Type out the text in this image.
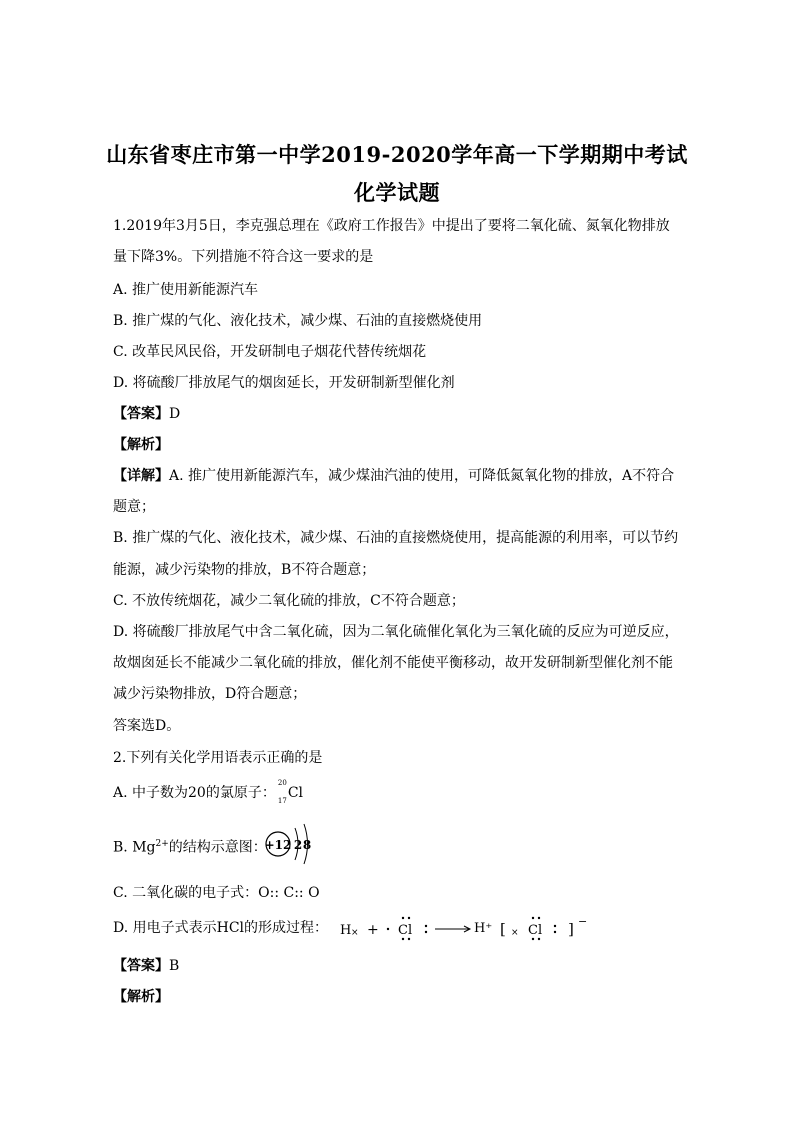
山东省枣庄市第一中学2019-2020学年高一下学期期中考试
化学试题
1.2019年3月5日，李克强总理在《政府工作报告》中提出了要将二氧化硫、氮氧化物排放
量下降3%。下列措施不符合这一要求的是
A. 推广使用新能源汽车
B. 推广煤的气化、液化技术，减少煤、石油的直接燃烧使用
C. 改革民风民俗，开发研制电子烟花代替传统烟花
D. 将硫酸厂排放尾气的烟囱延长，开发研制新型催化剂
【答案】D
【解析】
【详解】A. 推广使用新能源汽车，减少煤油汽油的使用，可降低氮氧化物的排放，A不符合
题意；
B. 推广煤的气化、液化技术，减少煤、石油的直接燃烧使用，提高能源的利用率，可以节约
能源，减少污染物的排放，B不符合题意；
C. 不放传统烟花，减少二氧化硫的排放，C不符合题意；
D. 将硫酸厂排放尾气中含二氧化硫，因为二氧化硫催化氧化为三氧化硫的反应为可逆反应，
故烟囱延长不能减少二氧化硫的排放，催化剂不能使平衡移动，故开发研制新型催化剂不能
减少污染物排放，D符合题意；
答案选D。
2.下列有关化学用语表示正确的是
A. 中子数为20的氯原子：
20
17 Cl
B. $Mg^{2+}$的结构示意图：
+12 2 8
C. 二氧化碳的电子式：O:: C:: O
D. 用电子式表示HCl的形成过程： H × + Cl	H⁺ [ × Cl ] −
【答案】B
【解析】
